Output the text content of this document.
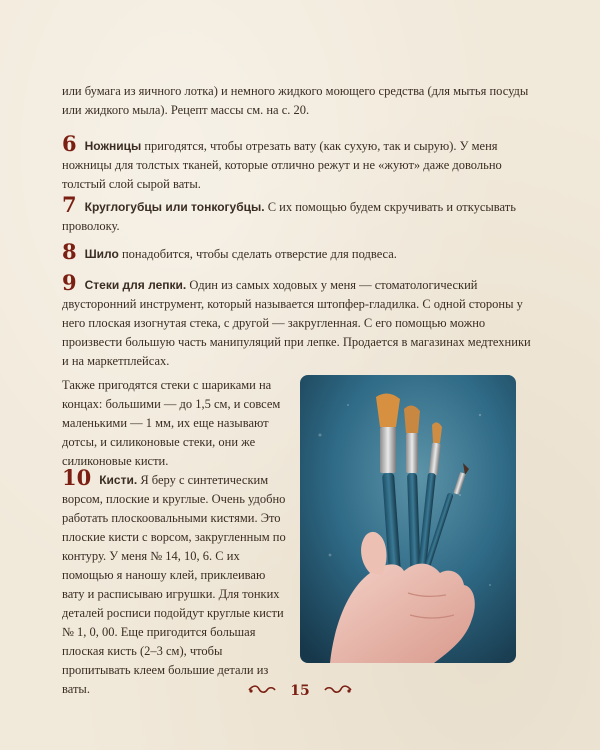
или бумага из яичного лотка) и немного жидкого моющего средства (для мытья посуды или жидкого мыла). Рецепт массы см. на с. 20.

6 Ножницы пригодятся, чтобы отрезать вату (как сухую, так и сырую). У меня ножницы для толстых тканей, которые отлично режут и не «жуют» даже довольно толстый слой сырой ваты.

7 Круглогубцы или тонкогубцы. С их помощью будем скручивать и откусывать проволоку.

8 Шило понадобится, чтобы сделать отверстие для подвеса.

9 Стеки для лепки. Один из самых ходовых у меня — стоматологический двусторонний инструмент, который называется штопфер-гладилка. С одной стороны у него плоская изогнутая стека, с другой — закругленная. С его помощью можно произвести большую часть манипуляций при лепке. Продается в магазинах медтехники и на маркетплейсах.

Также пригодятся стеки с шариками на концах: большими — до 1,5 см, и совсем маленькими — 1 мм, их еще называют дотсы, и силиконовые стеки, они же силиконовые кисти.

10 Кисти. Я беру с синтетическим ворсом, плоские и круглые. Очень удобно работать плоскоовальными кистями. Это плоские кисти с ворсом, закругленным по контуру. У меня № 14, 10, 6. С их помощью я наношу клей, приклеиваю вату и расписываю игрушки. Для тонких деталей росписи подойдут круглые кисти № 1, 0, 00. Еще пригодится большая плоская кисть (2–3 см), чтобы пропитывать клеем большие детали из ваты.	15
